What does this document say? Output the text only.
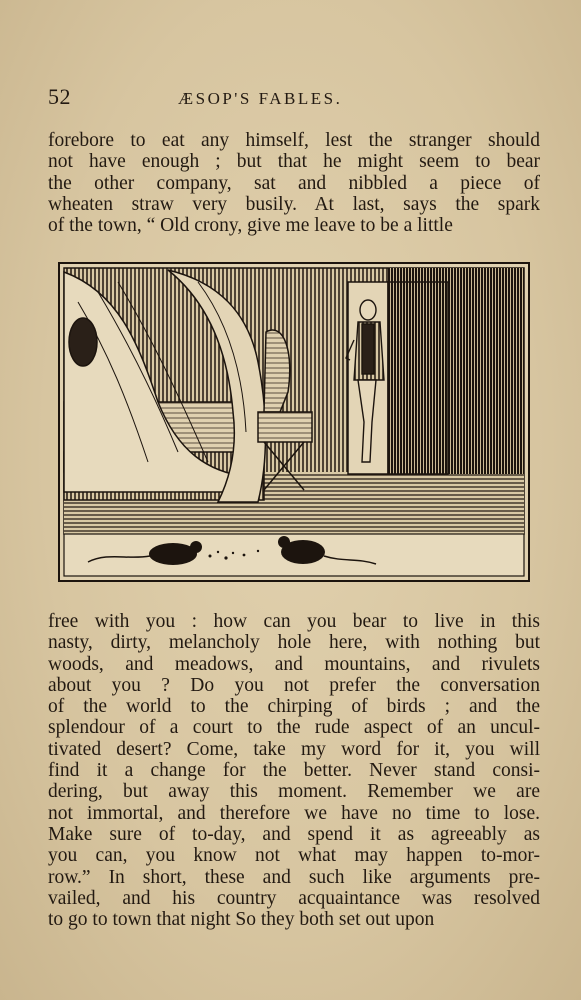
52	ÆSOP'S FABLES.
forebore to eat any himself, lest the stranger should
not have enough ; but that he might seem to bear
the other company, sat and nibbled a piece of
wheaten straw very busily. At last, says the spark
of the town, “ Old crony, give me leave to be a little
free with you : how can you bear to live in this
nasty, dirty, melancholy hole here, with nothing but
woods, and meadows, and mountains, and rivulets
about you ? Do you not prefer the conversation
of the world to the chirping of birds ; and the
splendour of a court to the rude aspect of an uncul-
tivated desert? Come, take my word for it, you will
find it a change for the better. Never stand consi-
dering, but away this moment. Remember we are
not immortal, and therefore we have no time to lose.
Make sure of to-day, and spend it as agreeably as
you can, you know not what may happen to-mor-
row.” In short, these and such like arguments pre-
vailed, and his country acquaintance was resolved
to go to town that night So they both set out upon
